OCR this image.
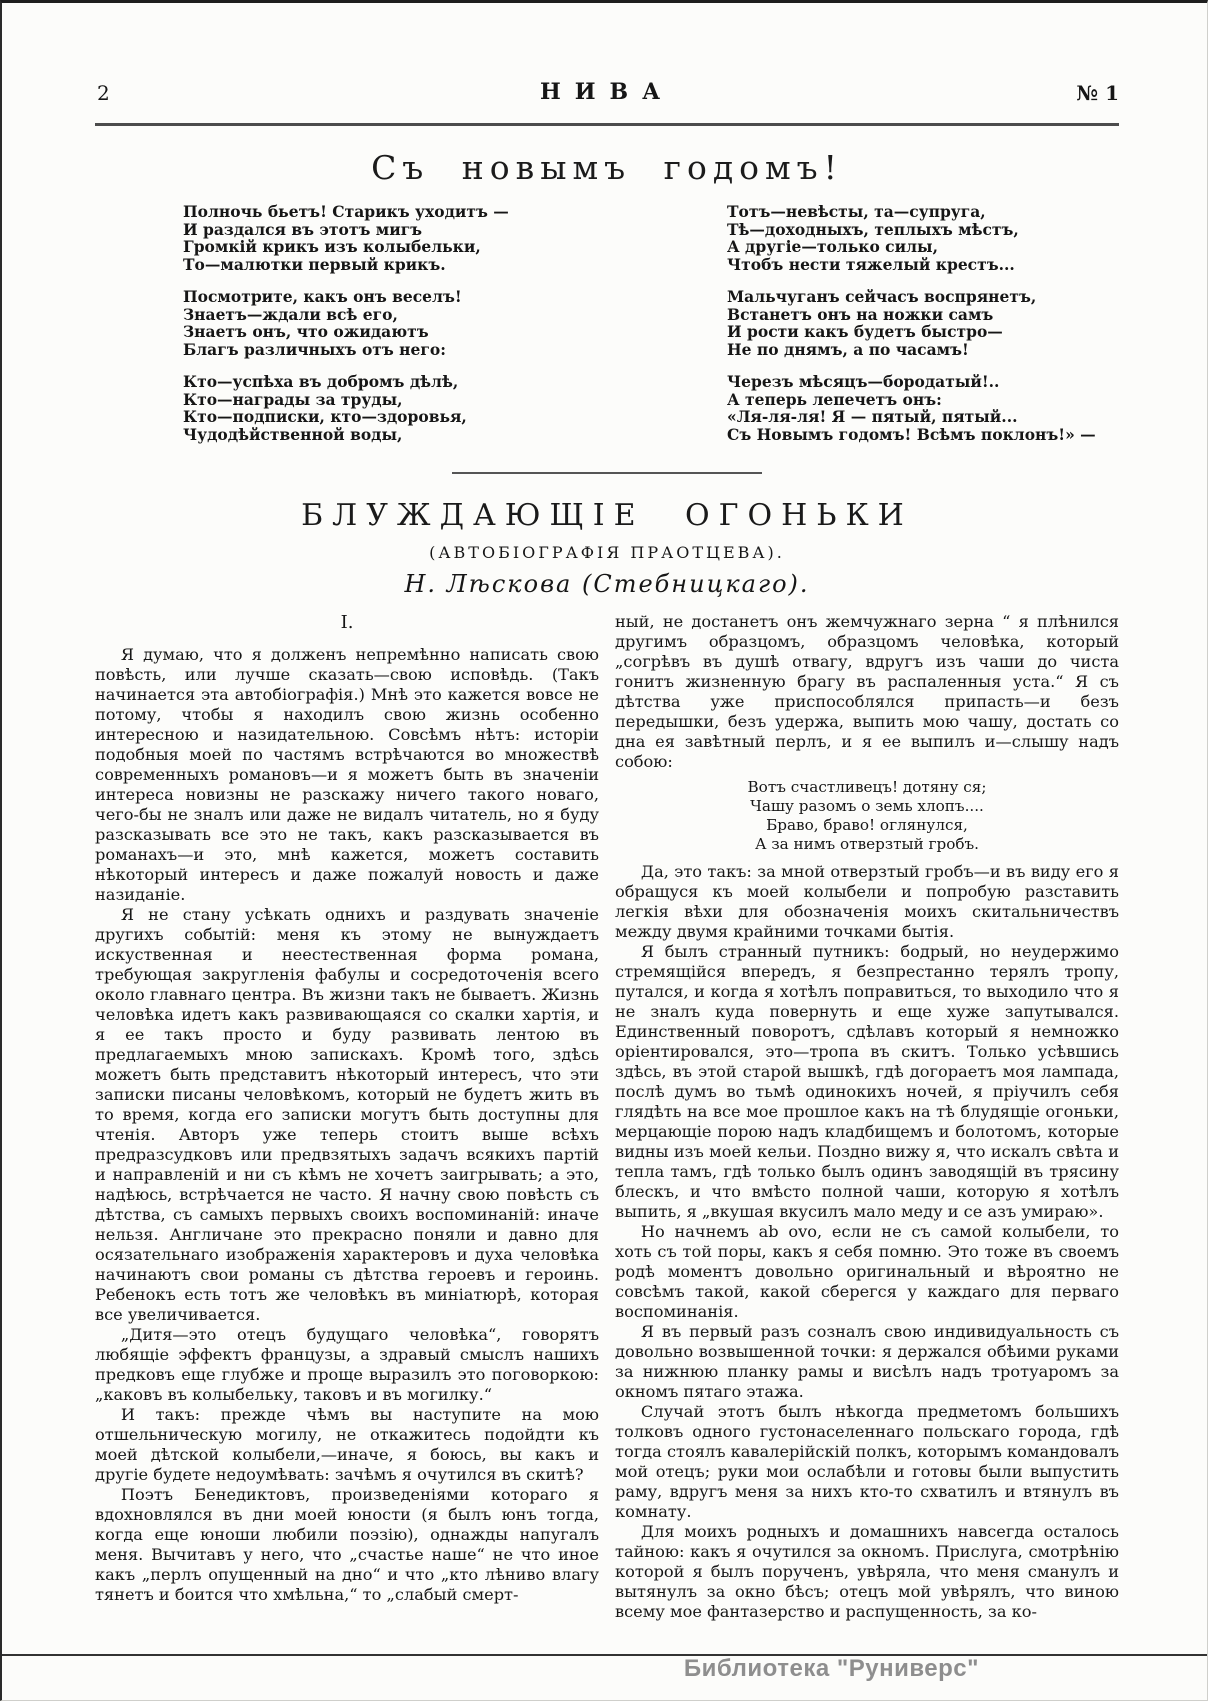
2	НИВА	№ 1
Съ новымъ годомъ!
Полночь бьетъ! Старикъ уходитъ —
И раздался въ этотъ мигъ
Громкій крикъ изъ колыбельки,
То—малютки первый крикъ.
Посмотрите, какъ онъ веселъ!
Знаетъ—ждали всѣ его,
Знаетъ онъ, что ожидаютъ
Благъ различныхъ отъ него:
Кто—успѣха въ добромъ дѣлѣ,
Кто—награды за труды,
Кто—подписки, кто—здоровья,
Чудодѣйственной воды,
Тотъ—невѣсты, та—супруга,
Тѣ—доходныхъ, теплыхъ мѣстъ,
А другіе—только силы,
Чтобъ нести тяжелый крестъ...
Мальчуганъ сейчасъ воспрянетъ,
Встанетъ онъ на ножки самъ
И рости какъ будетъ быстро—
Не по днямъ, а по часамъ!
Черезъ мѣсяцъ—бородатый!..
А теперь лепечетъ онъ:
«Ля-ля-ля! Я — пятый, пятый...
Съ Новымъ годомъ! Всѣмъ поклонъ!» —
БЛУЖДАЮЩІЕ ОГОНЬКИ
(АВТОБІОГРАФІЯ ПРАОТЦЕВА).
Н. Лѣскова (Стебницкаго).
I.

Я думаю, что я долженъ непремѣнно написать свою повѣсть, или лучше сказать—свою исповѣдь. (Такъ начинается эта автобіографія.) Мнѣ это кажется вовсе не потому, чтобы я находилъ свою жизнь особенно интересною и назидательною. Совсѣмъ нѣтъ: исторіи подобныя моей по частямъ встрѣчаются во множествѣ современныхъ романовъ—и я можетъ быть въ значеніи интереса новизны не разскажу ничего такого новаго, чего-бы не зналъ или даже не видалъ читатель, но я буду разсказывать все это не такъ, какъ разсказывается въ романахъ—и это, мнѣ кажется, можетъ составить нѣкоторый интересъ и даже пожалуй новость и даже назиданіе.

Я не стану усѣкать однихъ и раздувать значеніе другихъ событій: меня къ этому не вынуждаетъ искуственная и неестественная форма романа, требующая закругленія фабулы и сосредоточенія всего около главнаго центра. Въ жизни такъ не бываетъ. Жизнь человѣка идетъ какъ развивающаяся со скалки хартія, и я ее такъ просто и буду развивать лентою въ предлагаемыхъ мною запискахъ. Кромѣ того, здѣсь можетъ быть представитъ нѣкоторый интересъ, что эти записки писаны человѣкомъ, который не будетъ жить въ то время, когда его записки могутъ быть доступны для чтенія. Авторъ уже теперь стоитъ выше всѣхъ предразсудковъ или предвзятыхъ задачъ всякихъ партій и направленій и ни съ кѣмъ не хочетъ заигрывать; а это, надѣюсь, встрѣчается не часто. Я начну свою повѣсть съ дѣтства, съ самыхъ первыхъ своихъ воспоминаній: иначе нельзя. Англичане это прекрасно поняли и давно для осязательнаго изображенія характеровъ и духа человѣка начинаютъ свои романы съ дѣтства героевъ и героинь. Ребенокъ есть тотъ же человѣкъ въ миніатюрѣ, которая все увеличивается.

„Дитя—это отецъ будущаго человѣка“, говорятъ любящіе эффектъ французы, а здравый смыслъ нашихъ предковъ еще глубже и проще выразилъ это поговоркою: „каковъ въ колыбельку, таковъ и въ могилку.“

И такъ: прежде чѣмъ вы наступите на мою отшельническую могилу, не откажитесь подойдти къ моей дѣтской колыбели,—иначе, я боюсь, вы какъ и другіе будете недоумѣвать: зачѣмъ я очутился въ скитѣ?

Поэтъ Бенедиктовъ, произведеніями котораго я вдохновлялся въ дни моей юности (я былъ юнъ тогда, когда еще юноши любили поэзію), однажды напугалъ меня. Вычитавъ у него, что „счастье наше“ не что иное какъ „перлъ опущенный на дно“ и что „кто лѣниво влагу тянетъ и боится что хмѣльна,“ то „слабый смерт-

ный, не достанетъ онъ жемчужнаго зерна “ я плѣнился другимъ образцомъ, образцомъ человѣка, который „согрѣвъ въ душѣ отвагу, вдругъ изъ чаши до чиста гонитъ жизненную брагу въ распаленныя уста.“ Я съ дѣтства уже приспособлялся припасть—и безъ передышки, безъ удержа, выпить мою чашу, достать со дна ея завѣтный перлъ, и я ее выпилъ и—слышу надъ собою:

Вотъ счастливецъ! дотяну ся;
Чашу разомъ о земь хлопъ....
Браво, браво! оглянулся,
А за нимъ отверзтый гробъ.

Да, это такъ: за мной отверзтый гробъ—и въ виду его я обращуся къ моей колыбели и попробую разставить легкія вѣхи для обозначенія моихъ скитальничествъ между двумя крайними точками бытія.

Я былъ странный путникъ: бодрый, но неудержимо стремящійся впередъ, я безпрестанно терялъ тропу, путался, и когда я хотѣлъ поправиться, то выходило что я не зналъ куда повернуть и еще хуже запутывался. Единственный поворотъ, сдѣлавъ который я немножко оріентировался, это—тропа въ скитъ. Только усѣвшись здѣсь, въ этой старой вышкѣ, гдѣ догораетъ моя лампада, послѣ думъ во тьмѣ одинокихъ ночей, я пріучилъ себя глядѣть на все мое прошлое какъ на тѣ блудящіе огоньки, мерцающіе порою надъ кладбищемъ и болотомъ, которые видны изъ моей кельи. Поздно вижу я, что искалъ свѣта и тепла тамъ, гдѣ только былъ одинъ заводящій въ трясину блескъ, и что вмѣсто полной чаши, которую я хотѣлъ выпить, я „вкушая вкусилъ мало меду и се азъ умираю».

Но начнемъ ab ovo, если не съ самой колыбели, то хоть съ той поры, какъ я себя помню. Это тоже въ своемъ родѣ моментъ довольно оригинальный и вѣроятно не совсѣмъ такой, какой сберегся у каждаго для перваго воспоминанія.

Я въ первый разъ созналъ свою индивидуальность съ довольно возвышенной точки: я держался обѣими руками за нижнюю планку рамы и висѣлъ надъ тротуаромъ за окномъ пятаго этажа.

Случай этотъ былъ нѣкогда предметомъ большихъ толковъ одного густонаселеннаго польскаго города, гдѣ тогда стоялъ кавалерійскій полкъ, которымъ командовалъ мой отецъ; руки мои ослабѣли и готовы были выпустить раму, вдругъ меня за нихъ кто-то схватилъ и втянулъ въ комнату.

Для моихъ родныхъ и домашнихъ навсегда осталось тайною: какъ я очутился за окномъ. Прислуга, смотрѣнію которой я былъ порученъ, увѣряла, что меня сманулъ и вытянулъ за окно бѣсъ; отецъ мой увѣрялъ, что виною всему мое фантазерство и распущенность, за ко-

Библиотека "Руниверс"
